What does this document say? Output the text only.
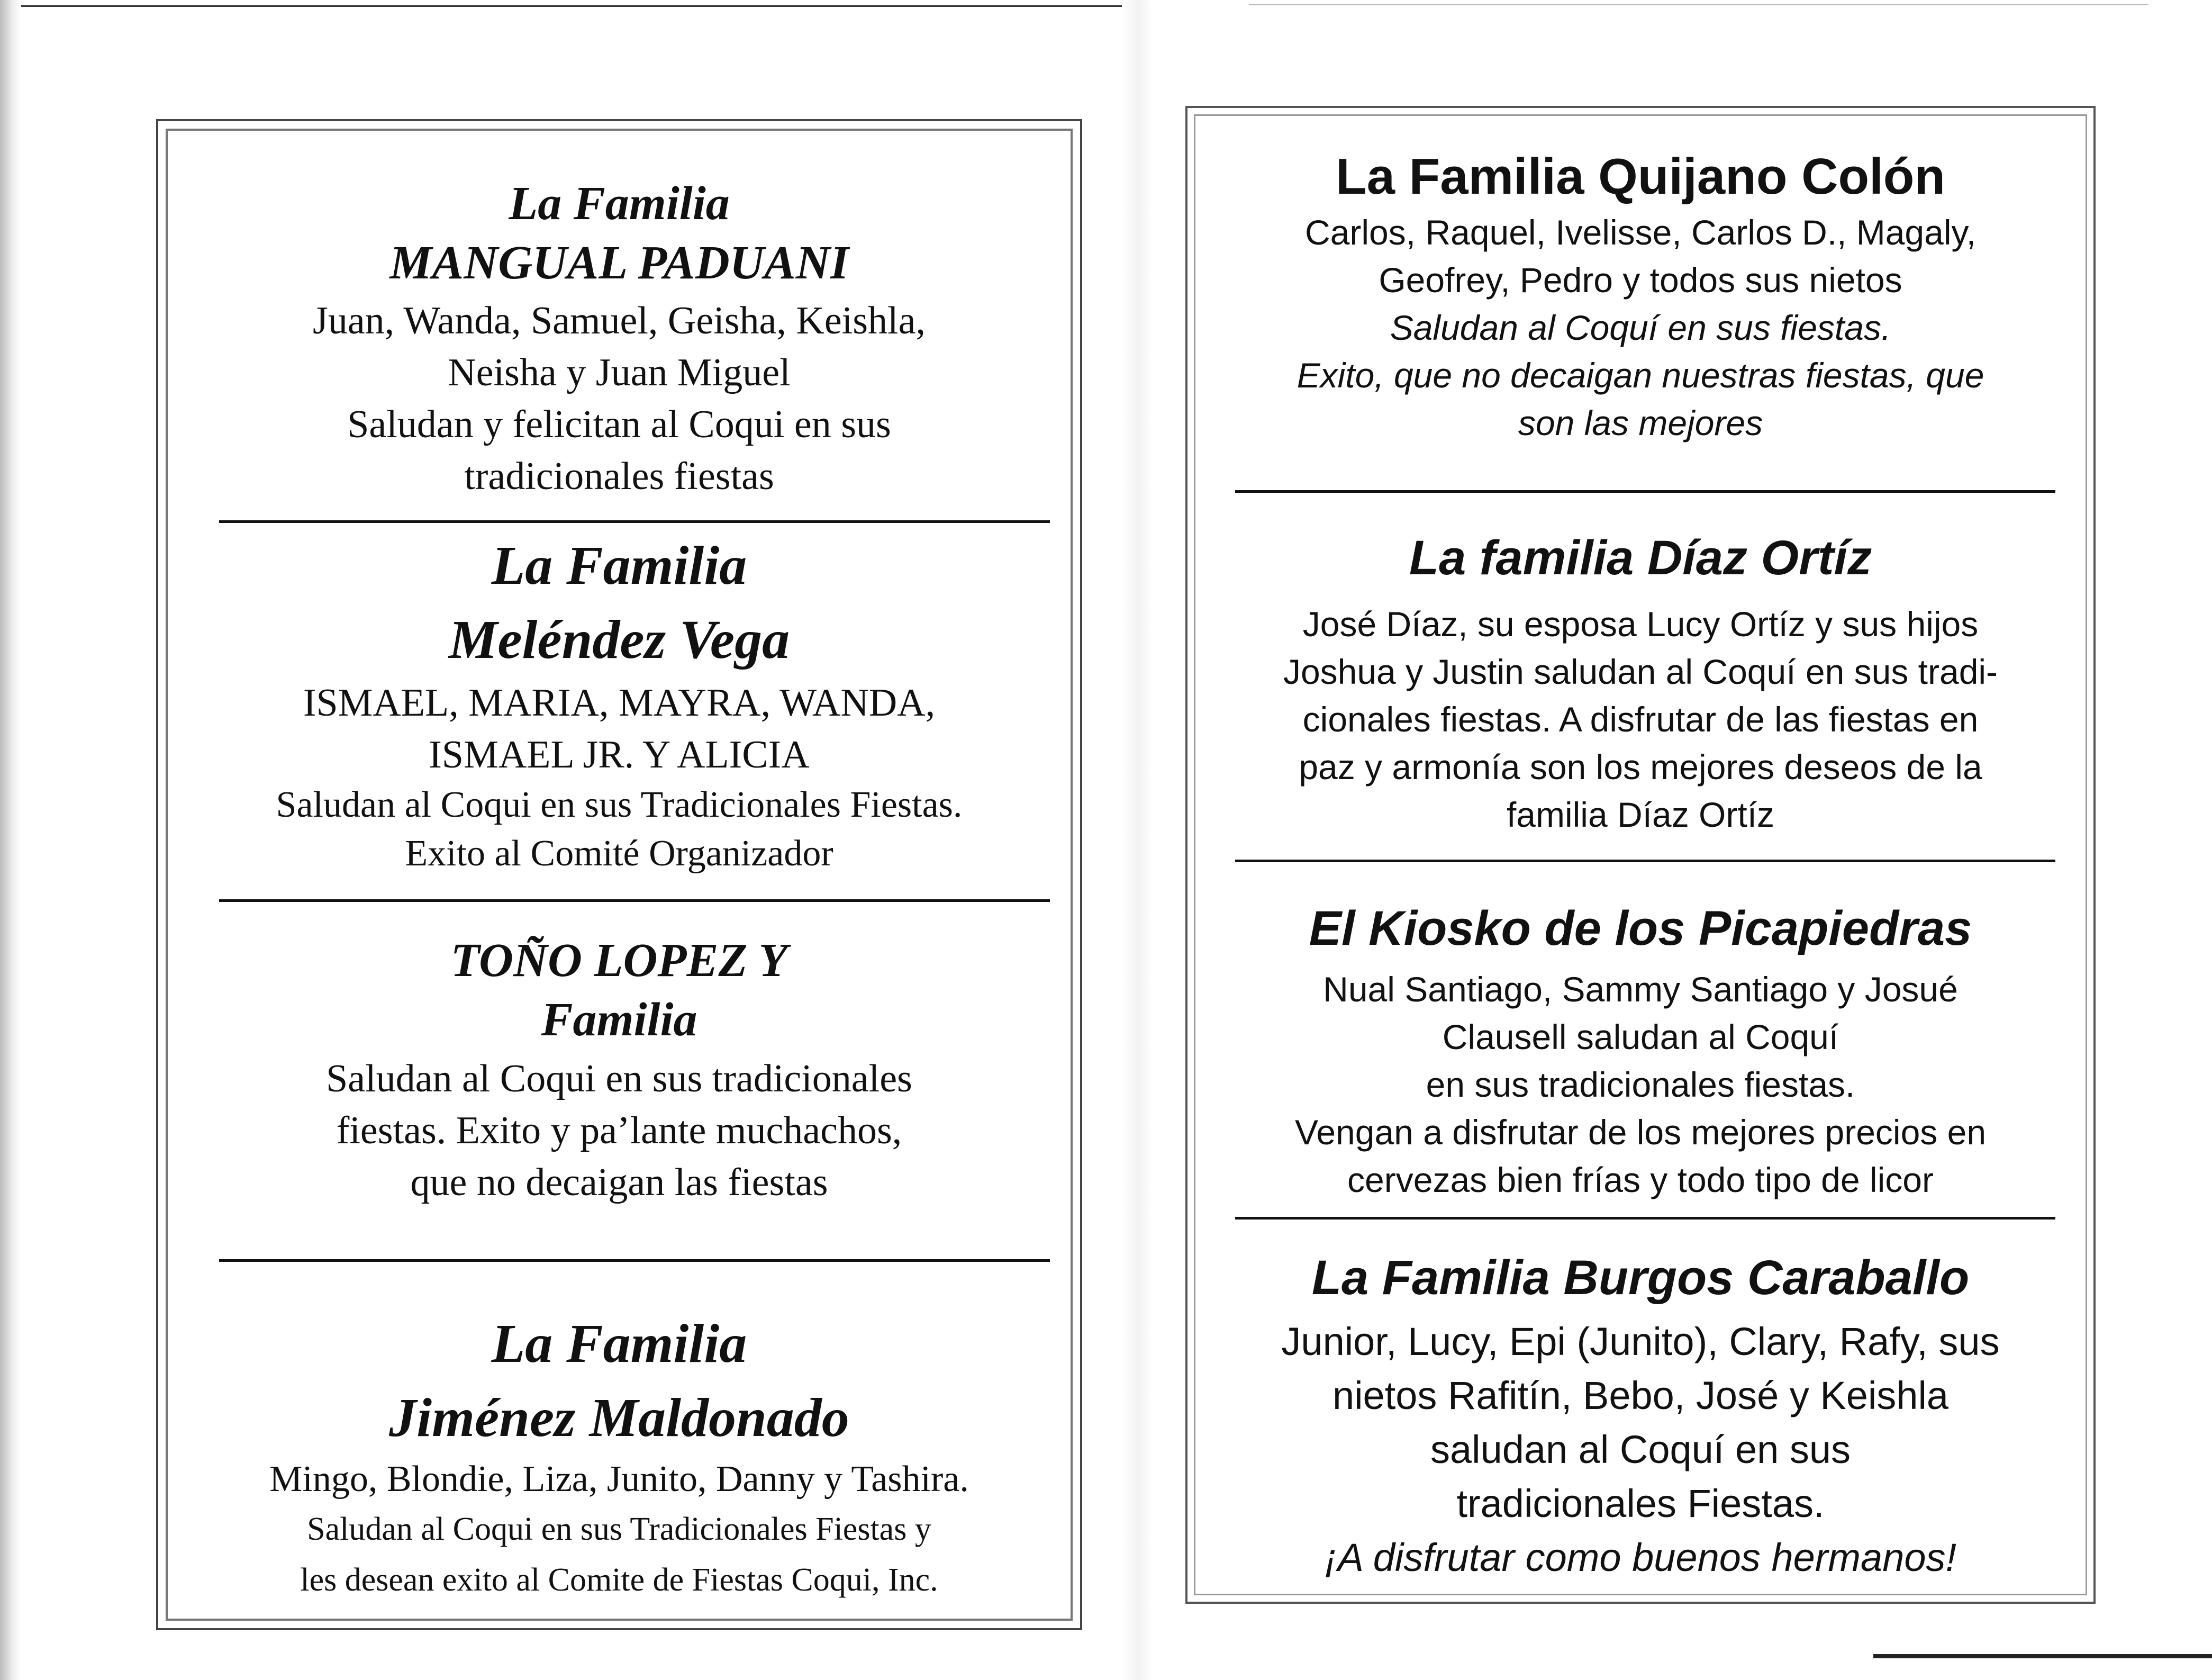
La Familia
MANGUAL PADUANI
Juan, Wanda, Samuel, Geisha, Keishla,
Neisha y Juan Miguel
Saludan y felicitan al Coqui en sus
tradicionales fiestas
La Familia
Meléndez Vega
ISMAEL, MARIA, MAYRA, WANDA,
ISMAEL JR. Y ALICIA
Saludan al Coqui en sus Tradicionales Fiestas.
Exito al Comité Organizador
TOÑO LOPEZ Y
Familia
Saludan al Coqui en sus tradicionales
fiestas. Exito y pa’lante muchachos,
que no decaigan las fiestas
La Familia
Jiménez Maldonado
Mingo, Blondie, Liza, Junito, Danny y Tashira.
Saludan al Coqui en sus Tradicionales Fiestas y
les desean exito al Comite de Fiestas Coqui, Inc.
La Familia Quijano Colón
Carlos, Raquel, Ivelisse, Carlos D., Magaly,
Geofrey, Pedro y todos sus nietos
Saludan al Coquí en sus fiestas.
Exito, que no decaigan nuestras fiestas, que
son las mejores
La familia Díaz Ortíz
José Díaz, su esposa Lucy Ortíz y sus hijos
Joshua y Justin saludan al Coquí en sus tradi-
cionales fiestas. A disfrutar de las fiestas en
paz y armonía son los mejores deseos de la
familia Díaz Ortíz
El Kiosko de los Picapiedras
Nual Santiago, Sammy Santiago y Josué
Clausell saludan al Coquí
en sus tradicionales fiestas.
Vengan a disfrutar de los mejores precios en
cervezas bien frías y todo tipo de licor
La Familia Burgos Caraballo
Junior, Lucy, Epi (Junito), Clary, Rafy, sus
nietos Rafitín, Bebo, José y Keishla
saludan al Coquí en sus
tradicionales Fiestas.
¡A disfrutar como buenos hermanos!
